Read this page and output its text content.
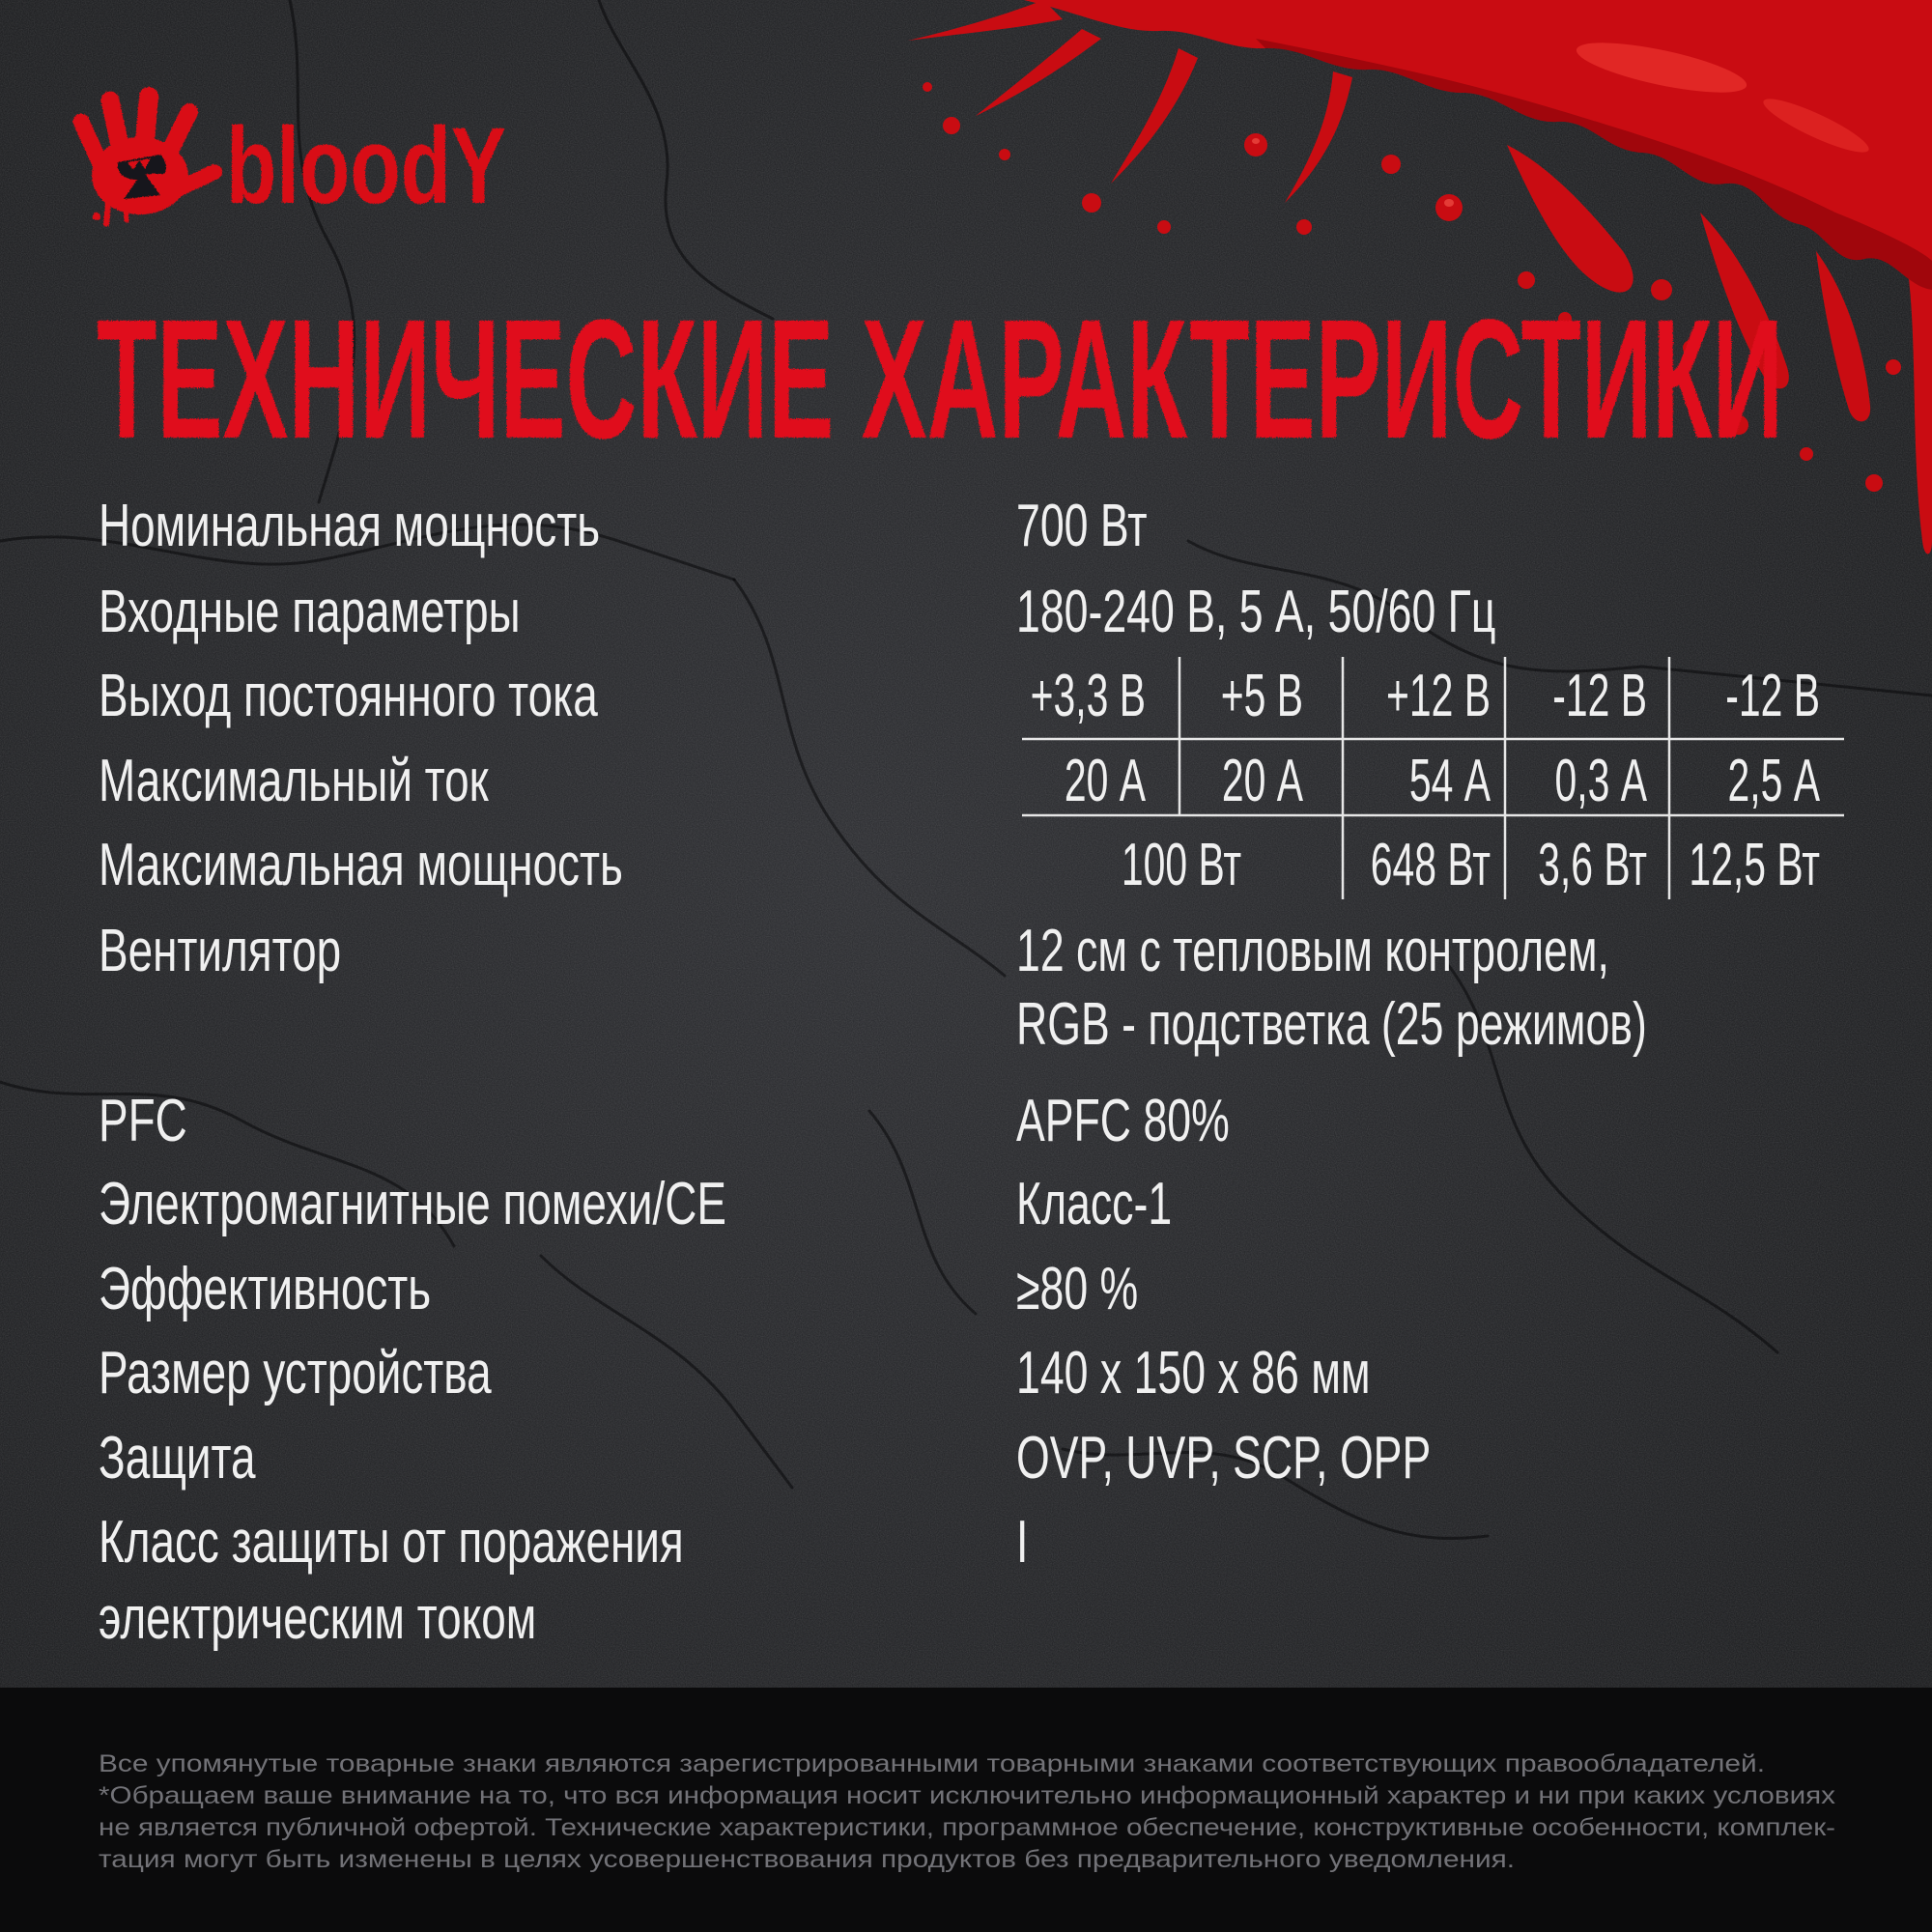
bloodY
ТЕХНИЧЕСКИЕ ХАРАКТЕРИСТИКИ
Номинальная мощность
Входные параметры
Выход постоянного тока
Максимальный ток
Максимальная мощность
Вентилятор
PFC
Электромагнитные помехи/CE
Эффективность
Размер устройства
Защита
Класс защиты от поражения
электрическим током
700 Вт
180-240 В, 5 А, 50/60 Гц
12 см с тепловым контролем,
RGB - подстветка (25 режимов)
APFC 80%
Класс-1
≥80 %
140 x 150 x 86 мм
OVP, UVP, SCP, OPP
I
+3,3 В +5 В +12 В -12 В -12 В
20 А 20 А 54 А 0,3 А 2,5 А
100 Вт 648 Вт 3,6 Вт 12,5 Вт
Все упомянутые товарные знаки являются зарегистрированными товарными знаками соответствующих правообладателей.
*Обращаем ваше внимание на то, что вся информация носит исключительно информационный характер и ни при каких условиях
не является публичной офертой. Технические характеристики, программное обеспечение, конструктивные особенности, комплек-
тация могут быть изменены в целях усовершенствования продуктов без предварительного уведомления.
